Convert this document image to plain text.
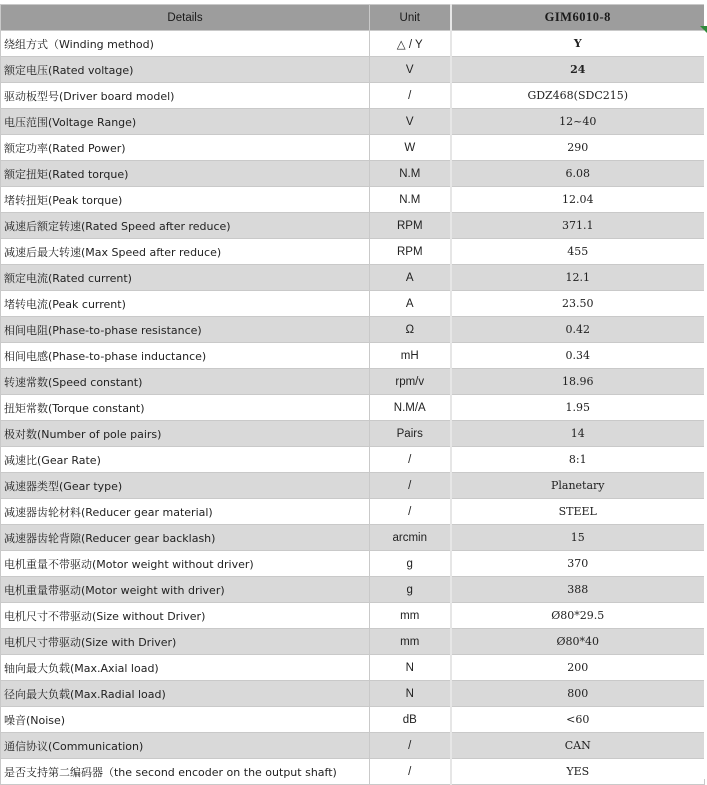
Details	Unit	GIM6010-8
绕组方式（Winding method)	△ / Y	Y
额定电压(Rated voltage)	V	24
驱动板型号(Driver board model)	/	GDZ468(SDC215)
电压范围(Voltage Range)	V	12~40
额定功率(Rated Power)	W	290
额定扭矩(Rated torque)	N.M	6.08
堵转扭矩(Peak torque)	N.M	12.04
减速后额定转速(Rated Speed after reduce)	RPM	371.1
减速后最大转速(Max Speed after reduce)	RPM	455
额定电流(Rated current)	A	12.1
堵转电流(Peak current)	A	23.50
相间电阻(Phase-to-phase resistance)	Ω	0.42
相间电感(Phase-to-phase inductance)	mH	0.34
转速常数(Speed constant)	rpm/v	18.96
扭矩常数(Torque constant)	N.M/A	1.95
极对数(Number of pole pairs)	Pairs	14
减速比(Gear Rate)	/	8:1
减速器类型(Gear type)	/	Planetary
减速器齿轮材料(Reducer gear material)	/	STEEL
减速器齿轮背隙(Reducer gear backlash)	arcmin	15
电机重量不带驱动(Motor weight without driver)	g	370
电机重量带驱动(Motor weight with driver)	g	388
电机尺寸不带驱动(Size without Driver)	mm	Ø80*29.5
电机尺寸带驱动(Size with Driver)	mm	Ø80*40
轴向最大负载(Max.Axial load)	N	200
径向最大负载(Max.Radial load)	N	800
噪音(Noise)	dB	<60
通信协议(Communication)	/	CAN
是否支持第二编码器（the second encoder on the output shaft)	/	YES
